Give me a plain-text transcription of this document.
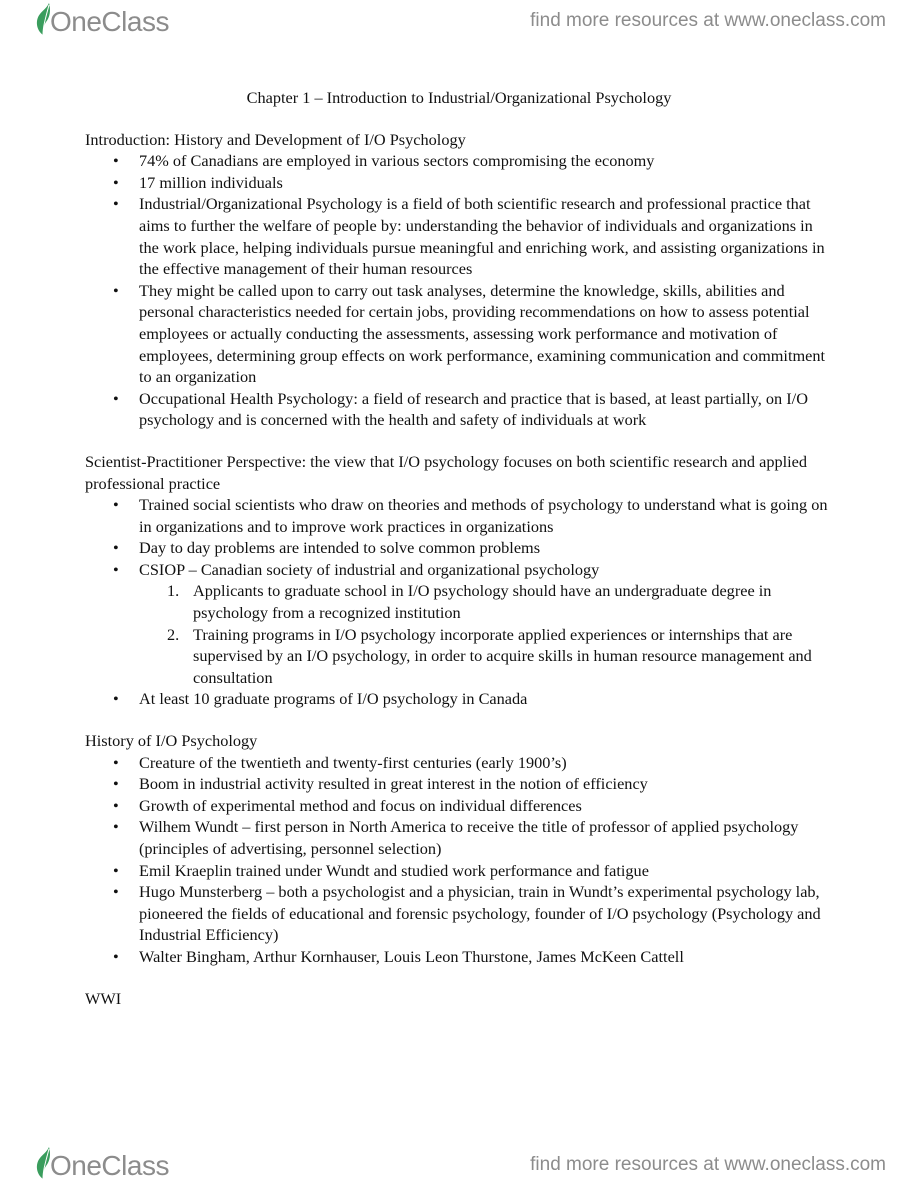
OneClass	find more resources at www.oneclass.com
Chapter 1 – Introduction to Industrial/Organizational Psychology

Introduction: History and Development of I/O Psychology

• 74% of Canadians are employed in various sectors compromising the economy
• 17 million individuals
• Industrial/Organizational Psychology is a field of both scientific research and professional practice that aims to further the welfare of people by: understanding the behavior of individuals and organizations in the work place, helping individuals pursue meaningful and enriching work, and assisting organizations in the effective management of their human resources
• They might be called upon to carry out task analyses, determine the knowledge, skills, abilities and personal characteristics needed for certain jobs, providing recommendations on how to assess potential employees or actually conducting the assessments, assessing work performance and motivation of employees, determining group effects on work performance, examining communication and commitment to an organization
• Occupational Health Psychology: a field of research and practice that is based, at least partially, on I/O psychology and is concerned with the health and safety of individuals at work

Scientist-Practitioner Perspective: the view that I/O psychology focuses on both scientific research and applied professional practice

• Trained social scientists who draw on theories and methods of psychology to understand what is going on in organizations and to improve work practices in organizations
• Day to day problems are intended to solve common problems
• CSIOP – Canadian society of industrial and organizational psychology
1. Applicants to graduate school in I/O psychology should have an undergraduate degree in psychology from a recognized institution
2. Training programs in I/O psychology incorporate applied experiences or internships that are supervised by an I/O psychology, in order to acquire skills in human resource management and consultation
• At least 10 graduate programs of I/O psychology in Canada

History of I/O Psychology

• Creature of the twentieth and twenty-first centuries (early 1900’s)
• Boom in industrial activity resulted in great interest in the notion of efficiency
• Growth of experimental method and focus on individual differences
• Wilhem Wundt – first person in North America to receive the title of professor of applied psychology (principles of advertising, personnel selection)
• Emil Kraeplin trained under Wundt and studied work performance and fatigue
• Hugo Munsterberg – both a psychologist and a physician, train in Wundt’s experimental psychology lab, pioneered the fields of educational and forensic psychology, founder of I/O psychology (Psychology and Industrial Efficiency)
• Walter Bingham, Arthur Kornhauser, Louis Leon Thurstone, James McKeen Cattell

WWI

OneClass	find more resources at www.oneclass.com
